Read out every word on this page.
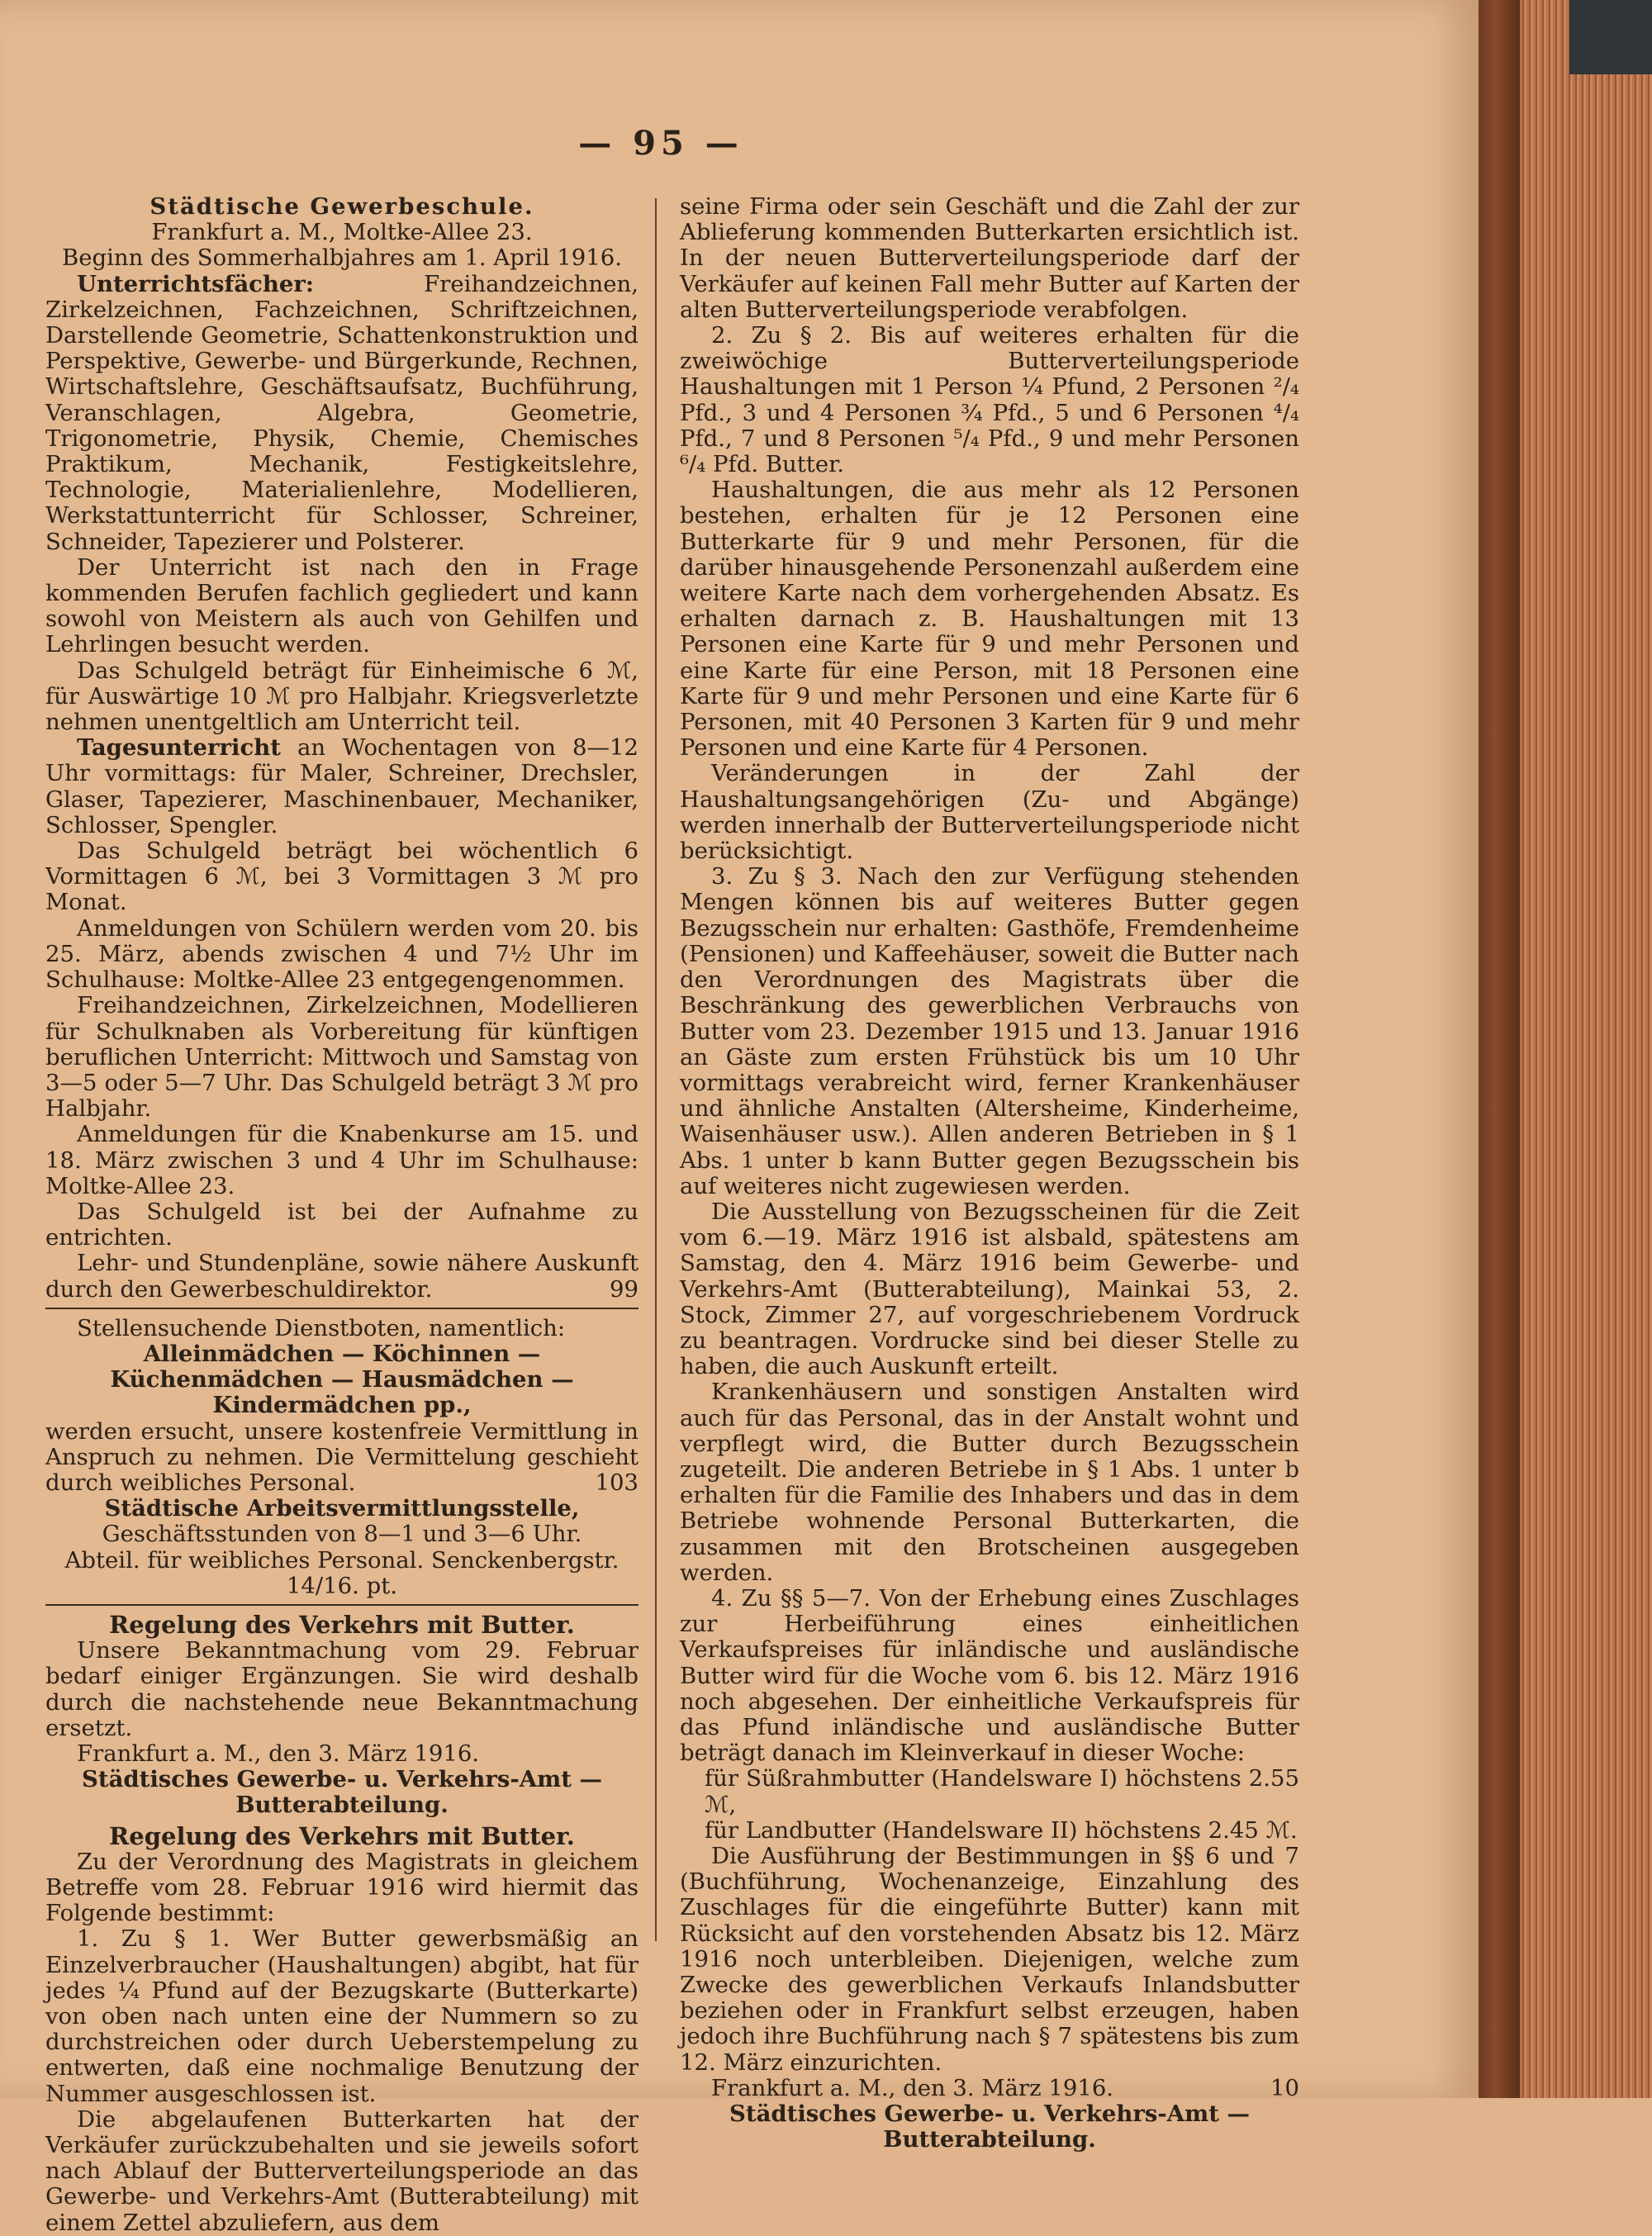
— 95 —

Städtische Gewerbeschule.

Frankfurt a. M., Moltke-Allee 23.

Beginn des Sommerhalbjahres am 1. April 1916.

Unterrichtsfächer:	Freihandzeichnen, Zirkelzeichnen, Fachzeichnen, Schriftzeichnen, Darstellende Geometrie, Schattenkonstruktion und Perspektive, Gewerbe- und Bürgerkunde, Rechnen, Wirtschaftslehre, Geschäftsaufsatz, Buchführung, Veranschlagen, Algebra, Geometrie, Trigonometrie, Physik, Chemie, Chemisches Praktikum, Mechanik, Festigkeitslehre, Technologie, Materialienlehre, Modellieren, Werkstattunterricht für Schlosser, Schreiner, Schneider, Tapezierer und Polsterer.

Der Unterricht ist nach den in Frage kommenden Berufen fachlich gegliedert und kann sowohl von Meistern als auch von Gehilfen und Lehrlingen besucht werden.

Das Schulgeld beträgt für Einheimische 6 ℳ, für Auswärtige 10 ℳ pro Halbjahr. Kriegsverletzte nehmen unentgeltlich am Unterricht teil.

Tagesunterricht an Wochentagen von 8—12 Uhr vormittags: für Maler, Schreiner, Drechsler, Glaser, Tapezierer, Maschinenbauer, Mechaniker, Schlosser, Spengler.

Das Schulgeld beträgt bei wöchentlich 6 Vormittagen 6 ℳ, bei 3 Vormittagen 3 ℳ pro Monat.

Anmeldungen von Schülern werden vom 20. bis 25. März, abends zwischen 4 und 7½ Uhr im Schulhause: Moltke-Allee 23 entgegengenommen.

Freihandzeichnen, Zirkelzeichnen, Modellieren für Schulknaben als Vorbereitung für künftigen beruflichen Unterricht: Mittwoch und Samstag von 3—5 oder 5—7 Uhr. Das Schulgeld beträgt 3 ℳ pro Halbjahr.

Anmeldungen für die Knabenkurse am 15. und 18. März zwischen 3 und 4 Uhr im Schulhause: Moltke-Allee 23.

Das Schulgeld ist bei der Aufnahme zu entrichten.

Lehr- und Stundenpläne, sowie nähere Auskunft durch den Gewerbeschuldirektor.	99

Stellensuchende Dienstboten, namentlich:

Alleinmädchen — Köchinnen — Küchenmädchen — Hausmädchen — Kindermädchen pp.,

werden ersucht, unsere kostenfreie Vermittlung in Anspruch zu nehmen. Die Vermittelung geschieht durch weibliches Personal.	103

Städtische Arbeitsvermittlungsstelle,

Geschäftsstunden von 8—1 und 3—6 Uhr.

Abteil. für weibliches Personal. Senckenbergstr. 14/16. pt.

Regelung des Verkehrs mit Butter.

Unsere Bekanntmachung vom 29. Februar bedarf einiger Ergänzungen. Sie wird deshalb durch die nachstehende neue Bekanntmachung ersetzt.

Frankfurt a. M., den 3. März 1916.

Städtisches Gewerbe- u. Verkehrs-Amt — Butterabteilung.

Regelung des Verkehrs mit Butter.

Zu der Verordnung des Magistrats in gleichem Betreffe vom 28. Februar 1916 wird hiermit das Folgende bestimmt:

1. Zu § 1. Wer Butter gewerbsmäßig an Einzelverbraucher (Haushaltungen) abgibt, hat für jedes ¼ Pfund auf der Bezugskarte (Butterkarte) von oben nach unten eine der Nummern so zu durchstreichen oder durch Ueberstempelung zu entwerten, daß eine nochmalige Benutzung der Nummer ausgeschlossen ist.

Die abgelaufenen Butterkarten hat der Verkäufer zurückzubehalten und sie jeweils sofort nach Ablauf der Butterverteilungsperiode an das Gewerbe- und Verkehrs-Amt (Butterabteilung) mit einem Zettel abzuliefern, aus dem

seine Firma oder sein Geschäft und die Zahl der zur Ablieferung kommenden Butterkarten ersichtlich ist. In der neuen Butterverteilungsperiode darf der Verkäufer auf keinen Fall mehr Butter auf Karten der alten Butterverteilungsperiode verabfolgen.

2. Zu § 2. Bis auf weiteres erhalten für die zweiwöchige Butterverteilungsperiode Haushaltungen mit 1 Person ¼ Pfund, 2 Personen ²/₄ Pfd., 3 und 4 Personen ¾ Pfd., 5 und 6 Personen ⁴/₄ Pfd., 7 und 8 Personen ⁵/₄ Pfd., 9 und mehr Personen ⁶/₄ Pfd. Butter.

Haushaltungen, die aus mehr als 12 Personen bestehen, erhalten für je 12 Personen eine Butterkarte für 9 und mehr Personen, für die darüber hinausgehende Personenzahl außerdem eine weitere Karte nach dem vorhergehenden Absatz. Es erhalten darnach z. B. Haushaltungen mit 13 Personen eine Karte für 9 und mehr Personen und eine Karte für eine Person, mit 18 Personen eine Karte für 9 und mehr Personen und eine Karte für 6 Personen, mit 40 Personen 3 Karten für 9 und mehr Personen und eine Karte für 4 Personen.

Veränderungen in der Zahl der Haushaltungsangehörigen (Zu- und Abgänge) werden innerhalb der Butterverteilungsperiode nicht berücksichtigt.

3. Zu § 3. Nach den zur Verfügung stehenden Mengen können bis auf weiteres Butter gegen Bezugsschein nur erhalten: Gasthöfe, Fremdenheime (Pensionen) und Kaffeehäuser, soweit die Butter nach den Verordnungen des Magistrats über die Beschränkung des gewerblichen Verbrauchs von Butter vom 23. Dezember 1915 und 13. Januar 1916 an Gäste zum ersten Frühstück bis um 10 Uhr vormittags verabreicht wird, ferner Krankenhäuser und ähnliche Anstalten (Altersheime, Kinderheime, Waisenhäuser usw.). Allen anderen Betrieben in § 1 Abs. 1 unter b kann Butter gegen Bezugsschein bis auf weiteres nicht zugewiesen werden.

Die Ausstellung von Bezugsscheinen für die Zeit vom 6.—19. März 1916 ist alsbald, spätestens am Samstag, den 4. März 1916 beim Gewerbe- und Verkehrs-Amt (Butterabteilung), Mainkai 53, 2. Stock, Zimmer 27, auf vorgeschriebenem Vordruck zu beantragen. Vordrucke sind bei dieser Stelle zu haben, die auch Auskunft erteilt.

Krankenhäusern und sonstigen Anstalten wird auch für das Personal, das in der Anstalt wohnt und verpflegt wird, die Butter durch Bezugsschein zugeteilt. Die anderen Betriebe in § 1 Abs. 1 unter b erhalten für die Familie des Inhabers und das in dem Betriebe wohnende Personal Butterkarten, die zusammen mit den Brotscheinen ausgegeben werden.

4. Zu §§ 5—7. Von der Erhebung eines Zuschlages zur Herbeiführung eines einheitlichen Verkaufspreises für inländische und ausländische Butter wird für die Woche vom 6. bis 12. März 1916 noch abgesehen. Der einheitliche Verkaufspreis für das Pfund inländische und ausländische Butter beträgt danach im Kleinverkauf in dieser Woche:

für Süßrahmbutter (Handelsware I) höchstens 2.55 ℳ,

für Landbutter (Handelsware II) höchstens 2.45 ℳ.

Die Ausführung der Bestimmungen in §§ 6 und 7 (Buchführung, Wochenanzeige, Einzahlung des Zuschlages für die eingeführte Butter) kann mit Rücksicht auf den vorstehenden Absatz bis 12. März 1916 noch unterbleiben. Diejenigen, welche zum Zwecke des gewerblichen Verkaufs Inlandsbutter beziehen oder in Frankfurt selbst erzeugen, haben jedoch ihre Buchführung nach § 7 spätestens bis zum 12. März einzurichten.

Frankfurt a. M., den 3. März 1916.	10

Städtisches Gewerbe- u. Verkehrs-Amt — Butterabteilung.
